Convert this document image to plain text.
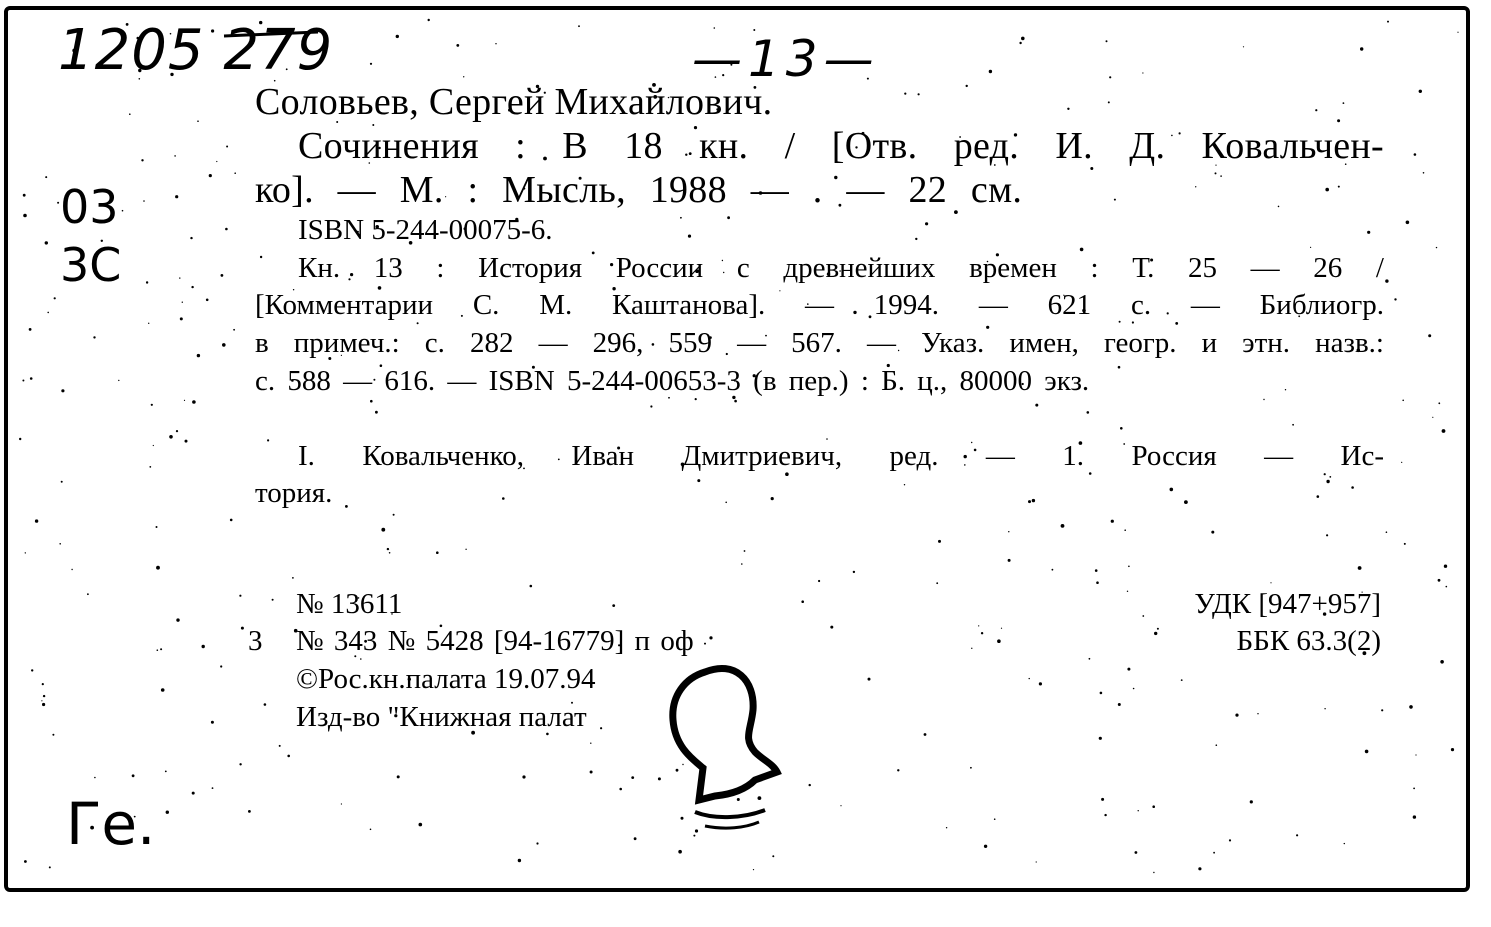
1205 279	—13—
03
3C
Ге.
Соловьев, Сергей Михайлович.
Сочинения : В 18 кн. / [Отв. ред. И. Д. Ковальчен-
ко]. — М. : Мысль, 1988 — . — 22 см.
ISBN 5-244-00075-6.
Кн. 13 : История России с древнейших времен : Т. 25 — 26 /
[Комментарии С. М. Каштанова]. — 1994. — 621 с. — Библиогр.
в примеч.: с. 282 — 296, 559 — 567. — Указ. имен, геогр. и этн. назв.:
с. 588 — 616. — ISBN 5-244-00653-3 (в пер.) : Б. ц., 80000 экз.
I. Ковальченко, Иван Дмитриевич, ред. — 1. Россия — Ис-
тория.
№ 13611
3 № 343 № 5428 [94-16779] п оф
©Рос.кн.палата 19.07.94
Изд-во "Книжная палат
УДК [947+957]
ББК 63.3(2)
